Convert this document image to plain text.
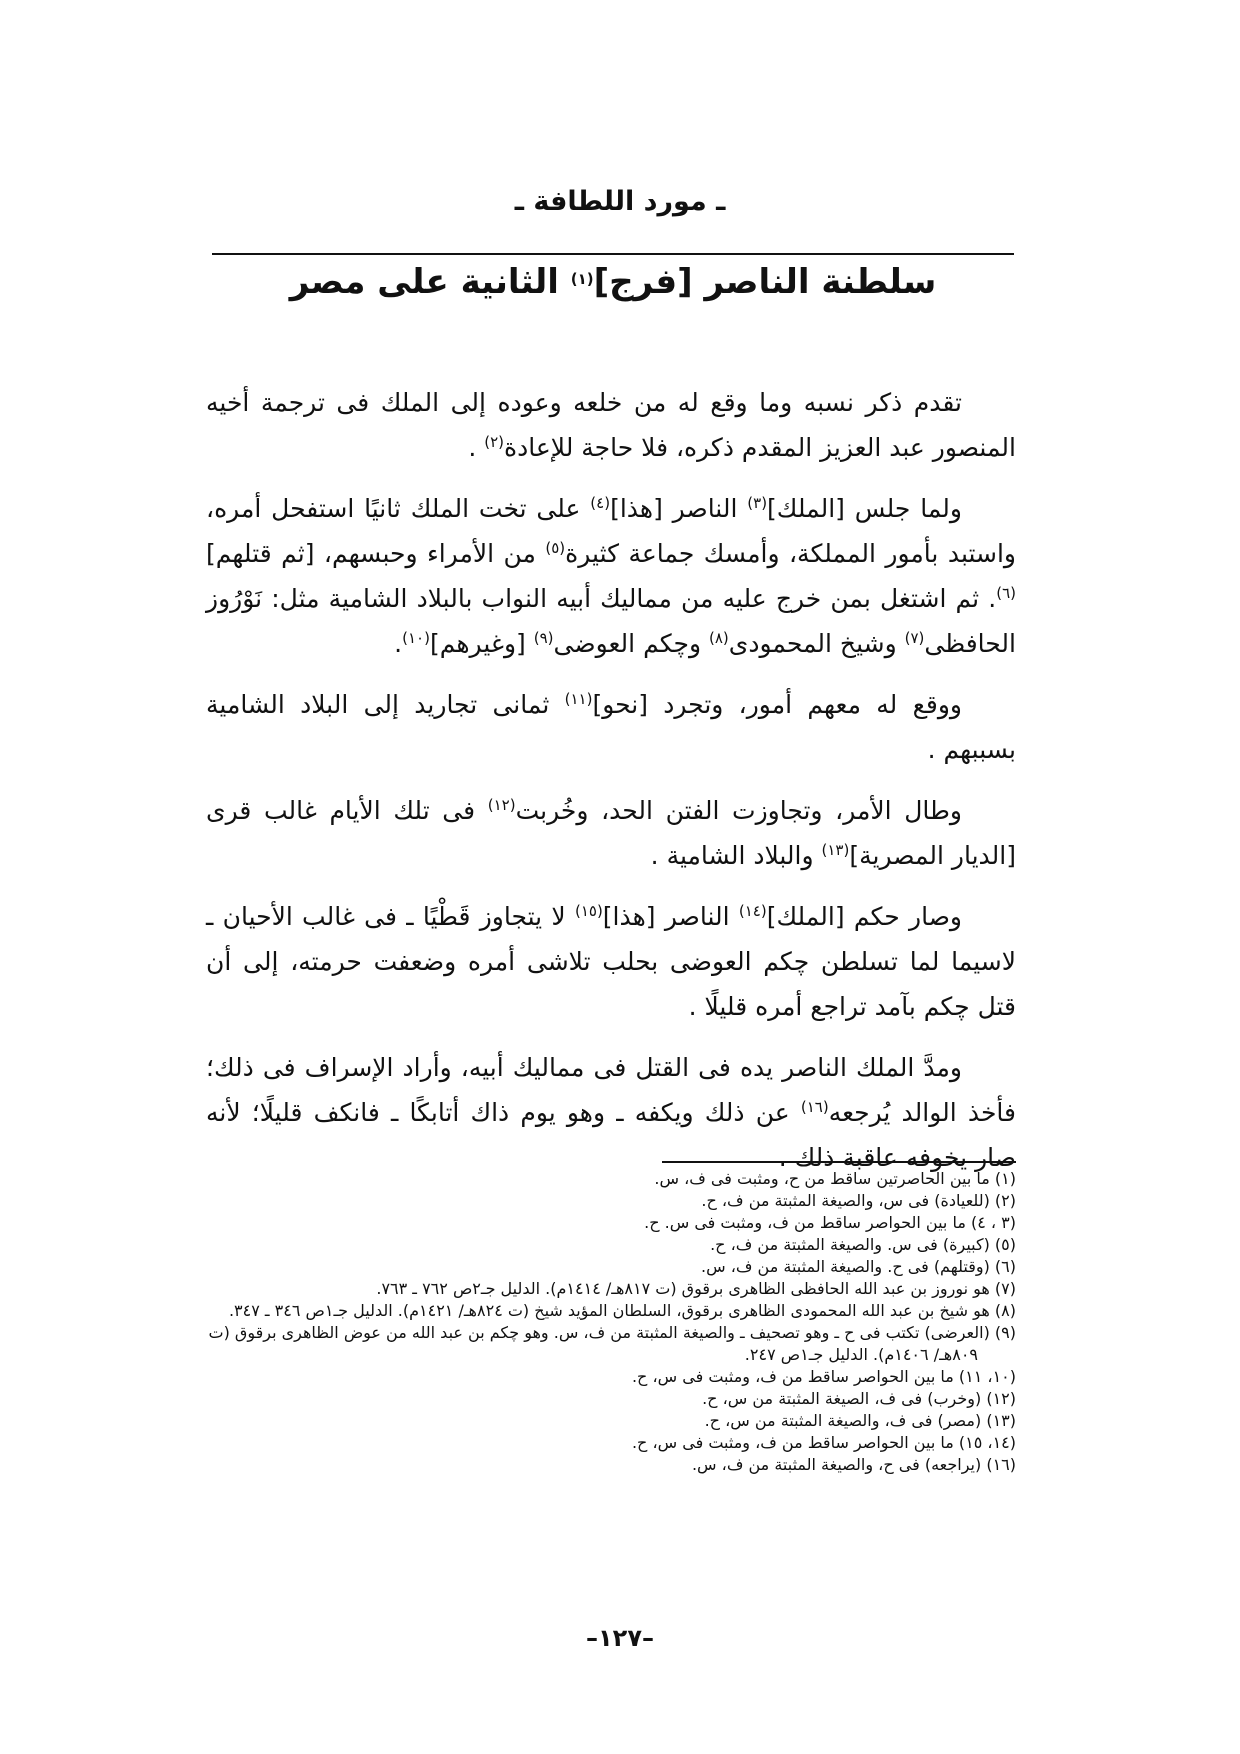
ـ مورد اللطافة ـ
سلطنة الناصر [فرج]$^{(١)}$ الثانية على مصر

تقدم ذكر نسبه وما وقع له من خلعه وعوده إلى الملك فى ترجمة أخيه المنصور عبد العزيز المقدم ذكره، فلا حاجة للإعادة$^{(٢)}$ .

ولما جلس [الملك]$^{(٣)}$ الناصر [هذا]$^{(٤)}$ على تخت الملك ثانيًا استفحل أمره، واستبد بأمور المملكة، وأمسك جماعة كثيرة$^{(٥)}$ من الأمراء وحبسهم، [ثم قتلهم]$^{(٦)}$. ثم اشتغل بمن خرج عليه من مماليك أبيه النواب بالبلاد الشامية مثل: نَوْرُوز الحافظى$^{(٧)}$ وشيخ المحمودى$^{(٨)}$ وچكم العوضى$^{(٩)}$ [وغيرهم]$^{(١٠)}$.

ووقع له معهم أمور، وتجرد [نحو]$^{(١١)}$ ثمانى تجاريد إلى البلاد الشامية بسببهم .

وطال الأمر، وتجاوزت الفتن الحد، وخُربت$^{(١٢)}$ فى تلك الأيام غالب قرى [الديار المصرية]$^{(١٣)}$ والبلاد الشامية .

وصار حكم [الملك]$^{(١٤)}$ الناصر [هذا]$^{(١٥)}$ لا يتجاوز قَطْيًا ـ فى غالب الأحيان ـ لاسيما لما تسلطن چكم العوضى بحلب تلاشى أمره وضعفت حرمته، إلى أن قتل چكم بآمد تراجع أمره قليلًا .

ومدَّ الملك الناصر يده فى القتل فى مماليك أبيه، وأراد الإسراف فى ذلك؛ فأخذ الوالد يُرجعه$^{(١٦)}$ عن ذلك ويكفه ـ وهو يوم ذاك أتابكًا ـ فانكف قليلًا؛ لأنه صار يخوفه عاقبة ذلك .

(١) ما بين الحاصرتين ساقط من ح، ومثبت فى ف، س.

(٢) (للعيادة) فى س، والصيغة المثبتة من ف، ح.

(٣ ، ٤) ما بين الحواصر ساقط من ف، ومثبت فى س. ح.

(٥) (كبيرة) فى س. والصيغة المثبتة من ف، ح.

(٦) (وقتلهم) فى ح. والصيغة المثبتة من ف، س.

(٧) هو نوروز بن عبد الله الحافظى الظاهرى برقوق (ت ٨١٧هـ/ ١٤١٤م). الدليل جـ٢ص ٧٦٢ ـ ٧٦٣.

(٨) هو شيخ بن عبد الله المحمودى الظاهرى برقوق، السلطان المؤيد شيخ (ت ٨٢٤هـ/ ١٤٢١م). الدليل جـ١ص ٣٤٦ ـ ٣٤٧.

(٩) (العرضى) تكتب فى ح ـ وهو تصحيف ـ والصيغة المثبتة من ف، س. وهو چكم بن عبد الله من عوض الظاهرى برقوق (ت ٨٠٩هـ/ ١٤٠٦م). الدليل جـ١ص ٢٤٧.

(١٠، ١١) ما بين الحواصر ساقط من ف، ومثبت فى س، ح.

(١٢) (وخرب) فى ف، الصيغة المثبتة من س، ح.

(١٣) (مصر) فى ف، والصيغة المثبتة من س، ح.

(١٤، ١٥) ما بين الحواصر ساقط من ف، ومثبت فى س، ح.

(١٦) (يراجعه) فى ح، والصيغة المثبتة من ف، س.

–١٢٧–
